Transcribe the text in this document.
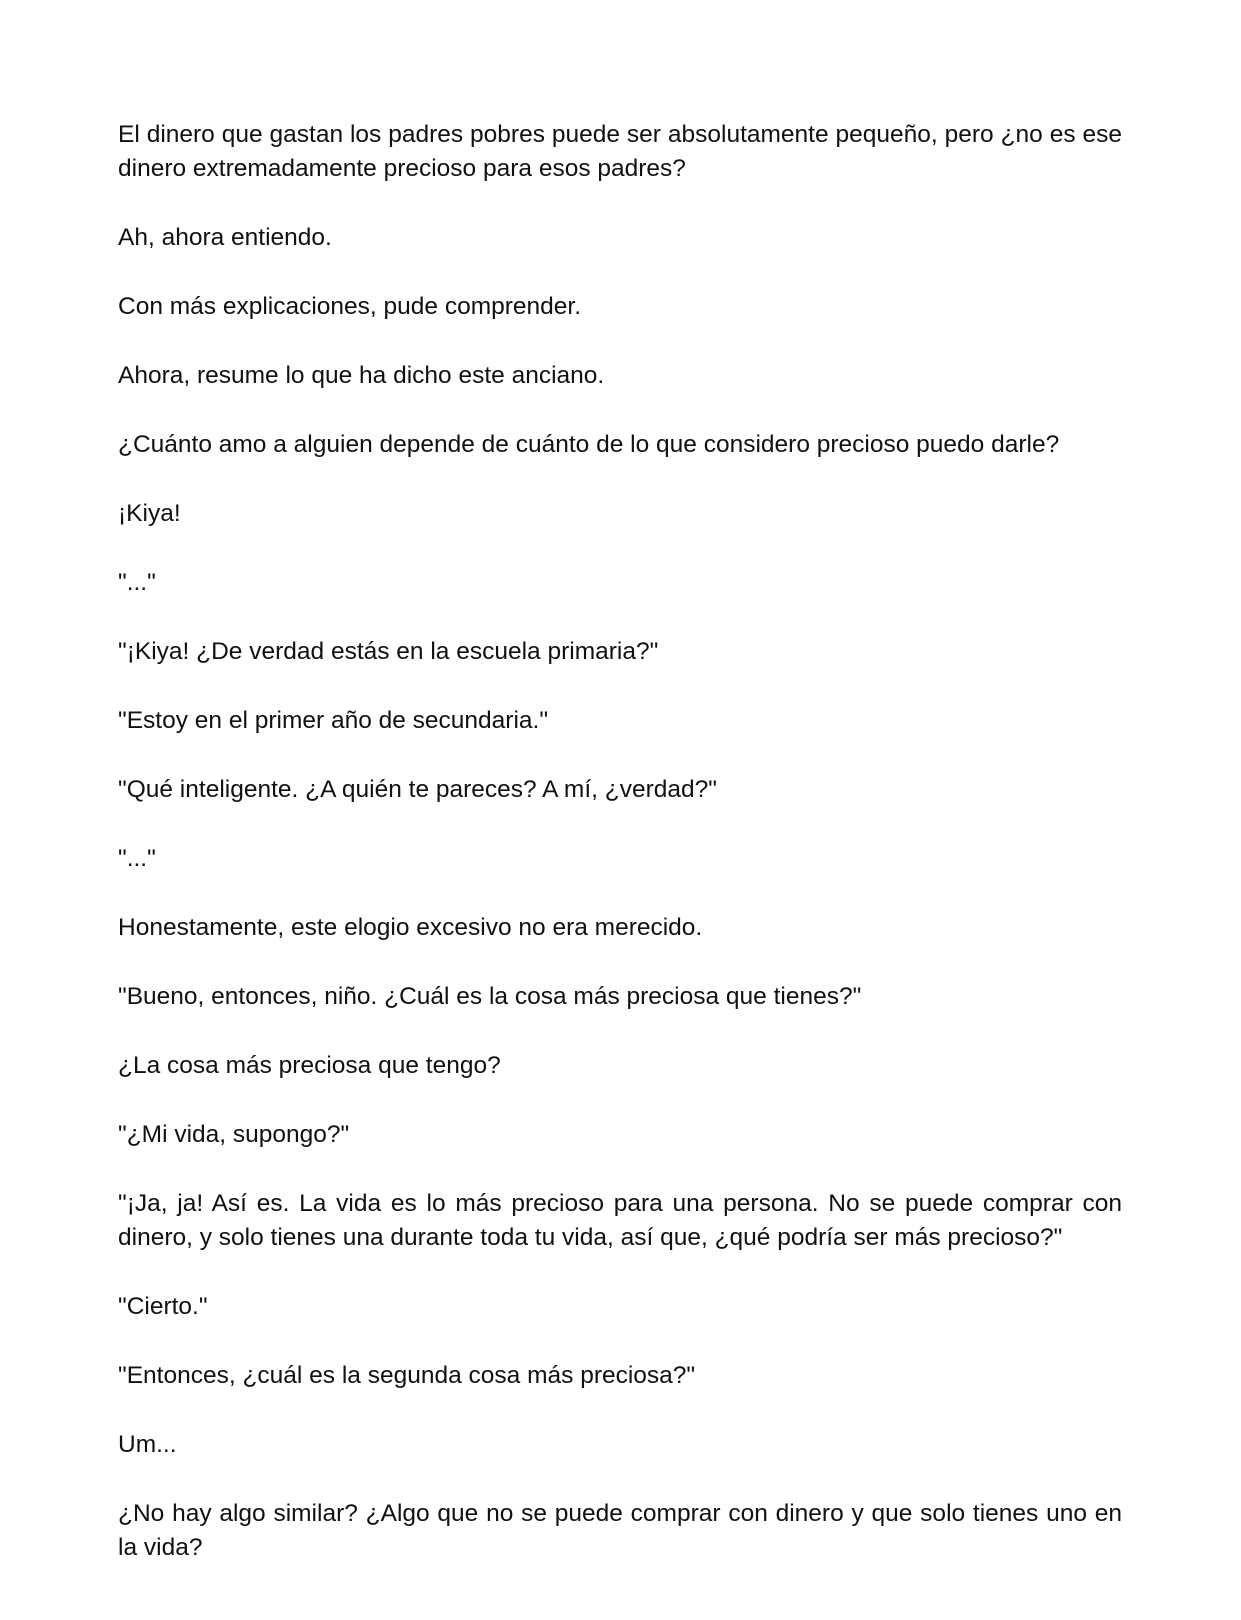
El dinero que gastan los padres pobres puede ser absolutamente pequeño, pero ¿no es ese dinero extremadamente precioso para esos padres?

Ah, ahora entiendo.

Con más explicaciones, pude comprender.

Ahora, resume lo que ha dicho este anciano.

¿Cuánto amo a alguien depende de cuánto de lo que considero precioso puedo darle?

¡Kiya!

"..."

"¡Kiya! ¿De verdad estás en la escuela primaria?"

"Estoy en el primer año de secundaria."

"Qué inteligente. ¿A quién te pareces? A mí, ¿verdad?"

"..."

Honestamente, este elogio excesivo no era merecido.

"Bueno, entonces, niño. ¿Cuál es la cosa más preciosa que tienes?"

¿La cosa más preciosa que tengo?

"¿Mi vida, supongo?"

"¡Ja, ja! Así es. La vida es lo más precioso para una persona. No se puede comprar con dinero, y solo tienes una durante toda tu vida, así que, ¿qué podría ser más precioso?"

"Cierto."

"Entonces, ¿cuál es la segunda cosa más preciosa?"

Um...

¿No hay algo similar? ¿Algo que no se puede comprar con dinero y que solo tienes uno en la vida?
